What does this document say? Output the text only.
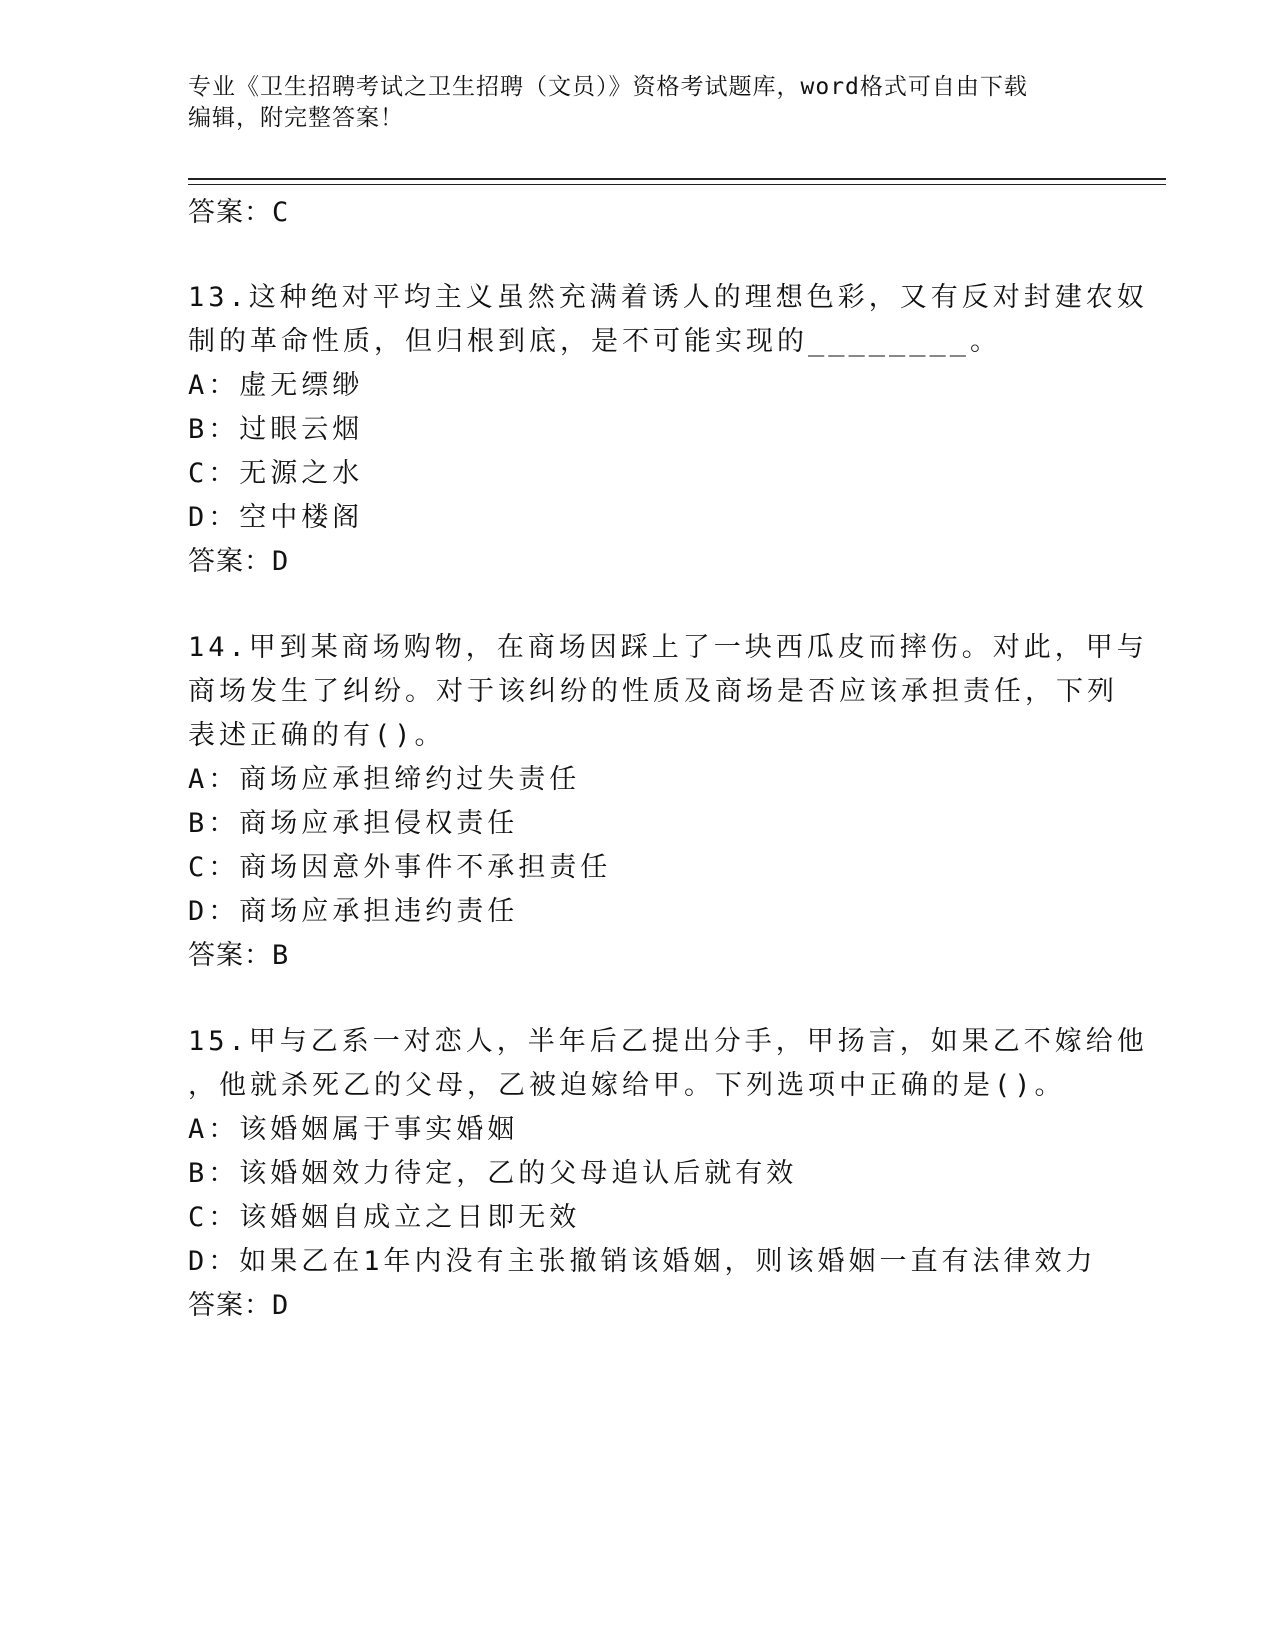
专业《卫生招聘考试之卫生招聘（文员）》资格考试题库，word格式可自由下载
编辑，附完整答案！
答案：C
13.这种绝对平均主义虽然充满着诱人的理想色彩，又有反对封建农奴
制的革命性质，但归根到底，是不可能实现的________。
A：虚无缥缈
B：过眼云烟
C：无源之水
D：空中楼阁
答案：D
14.甲到某商场购物，在商场因踩上了一块西瓜皮而摔伤。对此，甲与
商场发生了纠纷。对于该纠纷的性质及商场是否应该承担责任，下列
表述正确的有()。
A：商场应承担缔约过失责任
B：商场应承担侵权责任
C：商场因意外事件不承担责任
D：商场应承担违约责任
答案：B
15.甲与乙系一对恋人，半年后乙提出分手，甲扬言，如果乙不嫁给他
，他就杀死乙的父母，乙被迫嫁给甲。下列选项中正确的是()。
A：该婚姻属于事实婚姻
B：该婚姻效力待定，乙的父母追认后就有效
C：该婚姻自成立之日即无效
D：如果乙在1年内没有主张撤销该婚姻，则该婚姻一直有法律效力
答案：D
